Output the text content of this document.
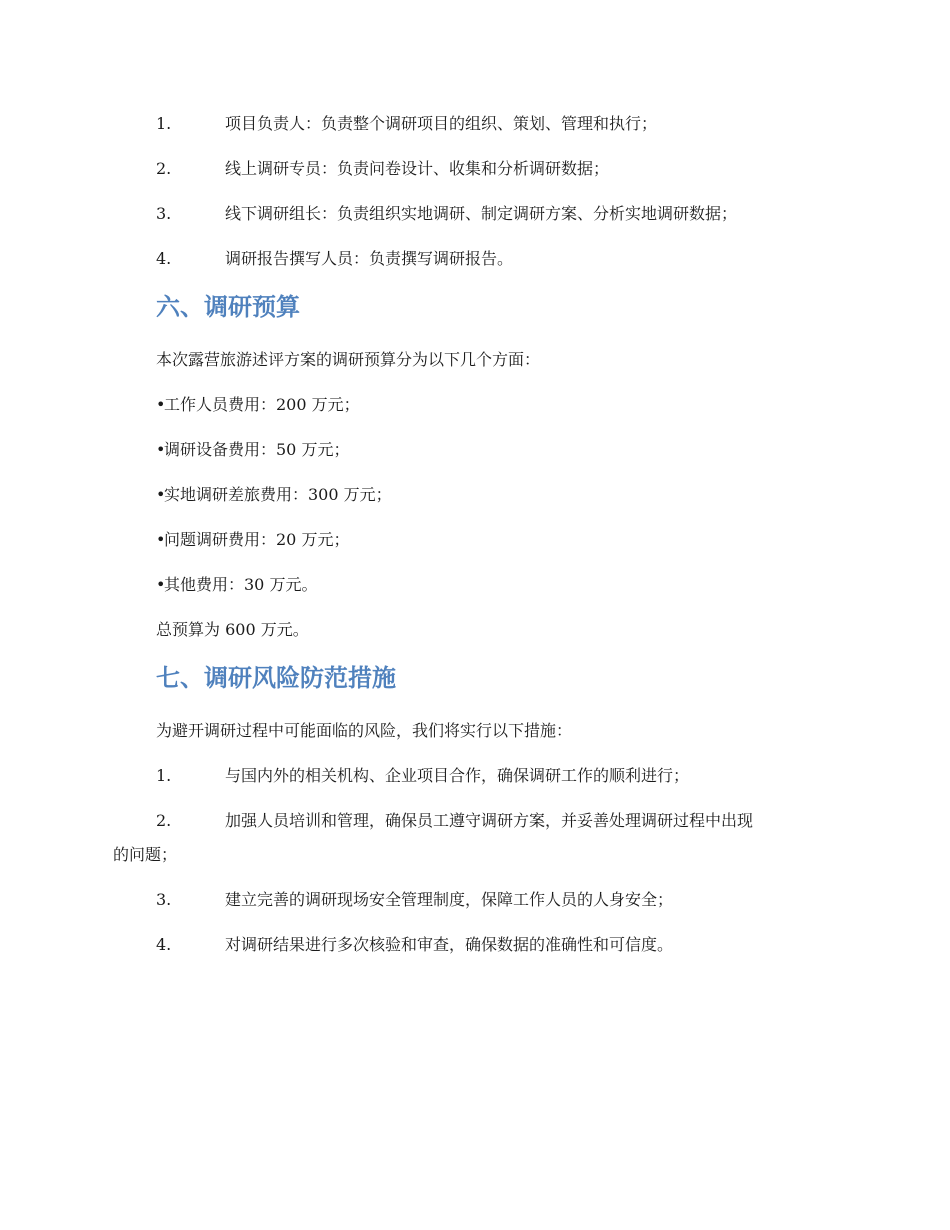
1.	项目负责人：负责整个调研项目的组织、策划、管理和执行；
2.	线上调研专员：负责问卷设计、收集和分析调研数据；
3.	线下调研组长：负责组织实地调研、制定调研方案、分析实地调研数据；
4.	调研报告撰写人员：负责撰写调研报告。
六、调研预算
本次露营旅游述评方案的调研预算分为以下几个方面：
•工作人员费用：200 万元；
•调研设备费用：50 万元；
•实地调研差旅费用：300 万元；
•问题调研费用：20 万元；
•其他费用：30 万元。
总预算为 600 万元。
七、调研风险防范措施
为避开调研过程中可能面临的风险，我们将实行以下措施：
1.	与国内外的相关机构、企业项目合作，确保调研工作的顺利进行；
2.	加强人员培训和管理，确保员工遵守调研方案，并妥善处理调研过程中出现
的问题；
3.	建立完善的调研现场安全管理制度，保障工作人员的人身安全；
4.	对调研结果进行多次核验和审查，确保数据的准确性和可信度。
